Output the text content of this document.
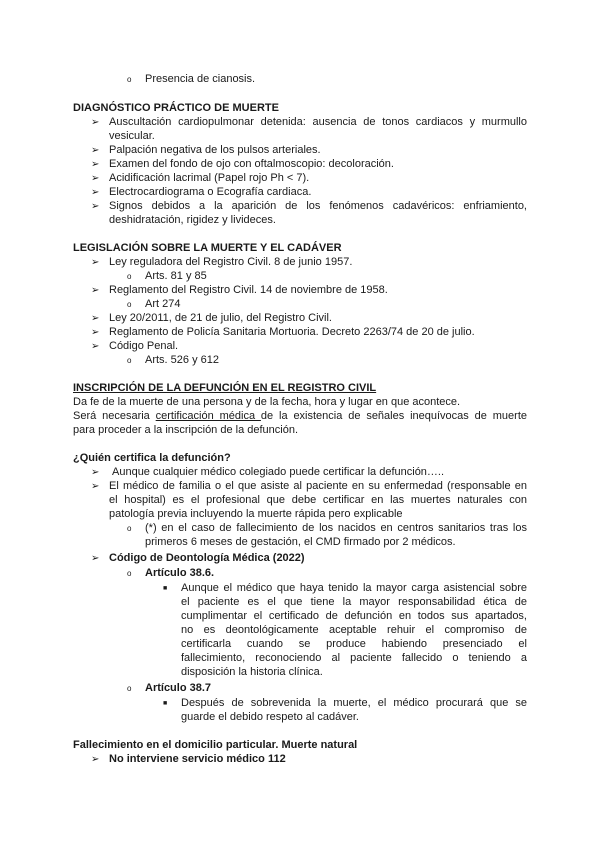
o Presencia de cianosis.
DIAGNÓSTICO PRÁCTICO DE MUERTE
➢ Auscultación cardiopulmonar detenida: ausencia de tonos cardiacos y murmullo
vesicular.
➢ Palpación negativa de los pulsos arteriales.
➢ Examen del fondo de ojo con oftalmoscopio: decoloración.
➢ Acidificación lacrimal (Papel rojo Ph < 7).
➢ Electrocardiograma o Ecografía cardiaca.
➢ Signos debidos a la aparición de los fenómenos cadavéricos: enfriamiento,
deshidratación, rigidez y livideces.
LEGISLACIÓN SOBRE LA MUERTE Y EL CADÁVER
➢ Ley reguladora del Registro Civil. 8 de junio 1957.
o Arts. 81 y 85
➢ Reglamento del Registro Civil. 14 de noviembre de 1958.
o Art 274
➢ Ley 20/2011, de 21 de julio, del Registro Civil.
➢ Reglamento de Policía Sanitaria Mortuoria. Decreto 2263/74 de 20 de julio.
➢ Código Penal.
o Arts. 526 y 612
INSCRIPCIÓN DE LA DEFUNCIÓN EN EL REGISTRO CIVIL
Da fe de la muerte de una persona y de la fecha, hora y lugar en que acontece.
Será necesaria certificación médica de la existencia de señales inequívocas de muerte
para proceder a la inscripción de la defunción.
¿Quién certifica la defunción?
➢ Aunque cualquier médico colegiado puede certificar la defunción…..
➢ El médico de familia o el que asiste al paciente en su enfermedad (responsable en
el hospital) es el profesional que debe certificar en las muertes naturales con
patología previa incluyendo la muerte rápida pero explicable
o (*) en el caso de fallecimiento de los nacidos en centros sanitarios tras los
primeros 6 meses de gestación, el CMD firmado por 2 médicos.
➢ Código de Deontología Médica (2022)
o Artículo 38.6.
■ Aunque el médico que haya tenido la mayor carga asistencial sobre
el paciente es el que tiene la mayor responsabilidad ética de
cumplimentar el certificado de defunción en todos sus apartados,
no es deontológicamente aceptable rehuir el compromiso de
certificarla cuando se produce habiendo presenciado el
fallecimiento, reconociendo al paciente fallecido o teniendo a
disposición la historia clínica.
o Artículo 38.7
■ Después de sobrevenida la muerte, el médico procurará que se
guarde el debido respeto al cadáver.
Fallecimiento en el domicilio particular. Muerte natural
➢ No interviene servicio médico 112
